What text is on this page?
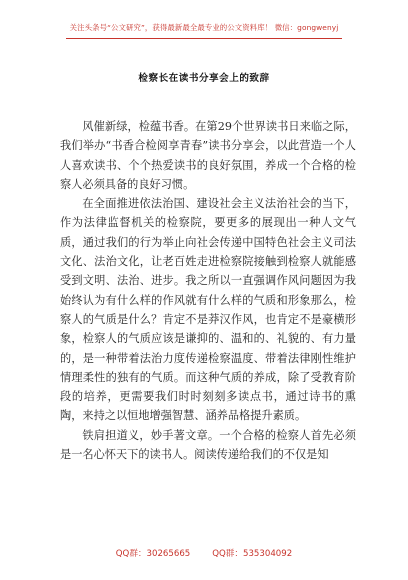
关注头条号“公文研究”，获得最新最全最专业的公文资料库！ 微信：gongwenyj
检察长在读书分享会上的致辞

风催新绿，检蕴书香。在第29个世界读书日来临之际，我们举办“书香合检阅享青春”读书分享会，以此营造一个人人喜欢读书、个个热爱读书的良好氛围，养成一个合格的检察人必须具备的良好习惯。

在全面推进依法治国、建设社会主义法治社会的当下，作为法律监督机关的检察院，要更多的展现出一种人文气质，通过我们的行为举止向社会传递中国特色社会主义司法文化、法治文化，让老百姓走进检察院接触到检察人就能感受到文明、法治、进步。我之所以一直强调作风问题因为我始终认为有什么样的作风就有什么样的气质和形象那么，检察人的气质是什么？肯定不是莽汉作风，也肯定不是豪横形象，检察人的气质应该是谦抑的、温和的、礼貌的、有力量的，是一种带着法治力度传递检察温度、带着法律刚性维护情理柔性的独有的气质。而这种气质的养成，除了受教育阶段的培养，更需要我们时时刻刻多读点书，通过诗书的熏陶，来持之以恒地增强智慧、涵养品格提升素质。

铁肩担道义，妙手著文章。一个合格的检察人首先必须是一名心怀天下的读书人。阅读传递给我们的不仅是知

QQ群：30265665	QQ群：535304092
